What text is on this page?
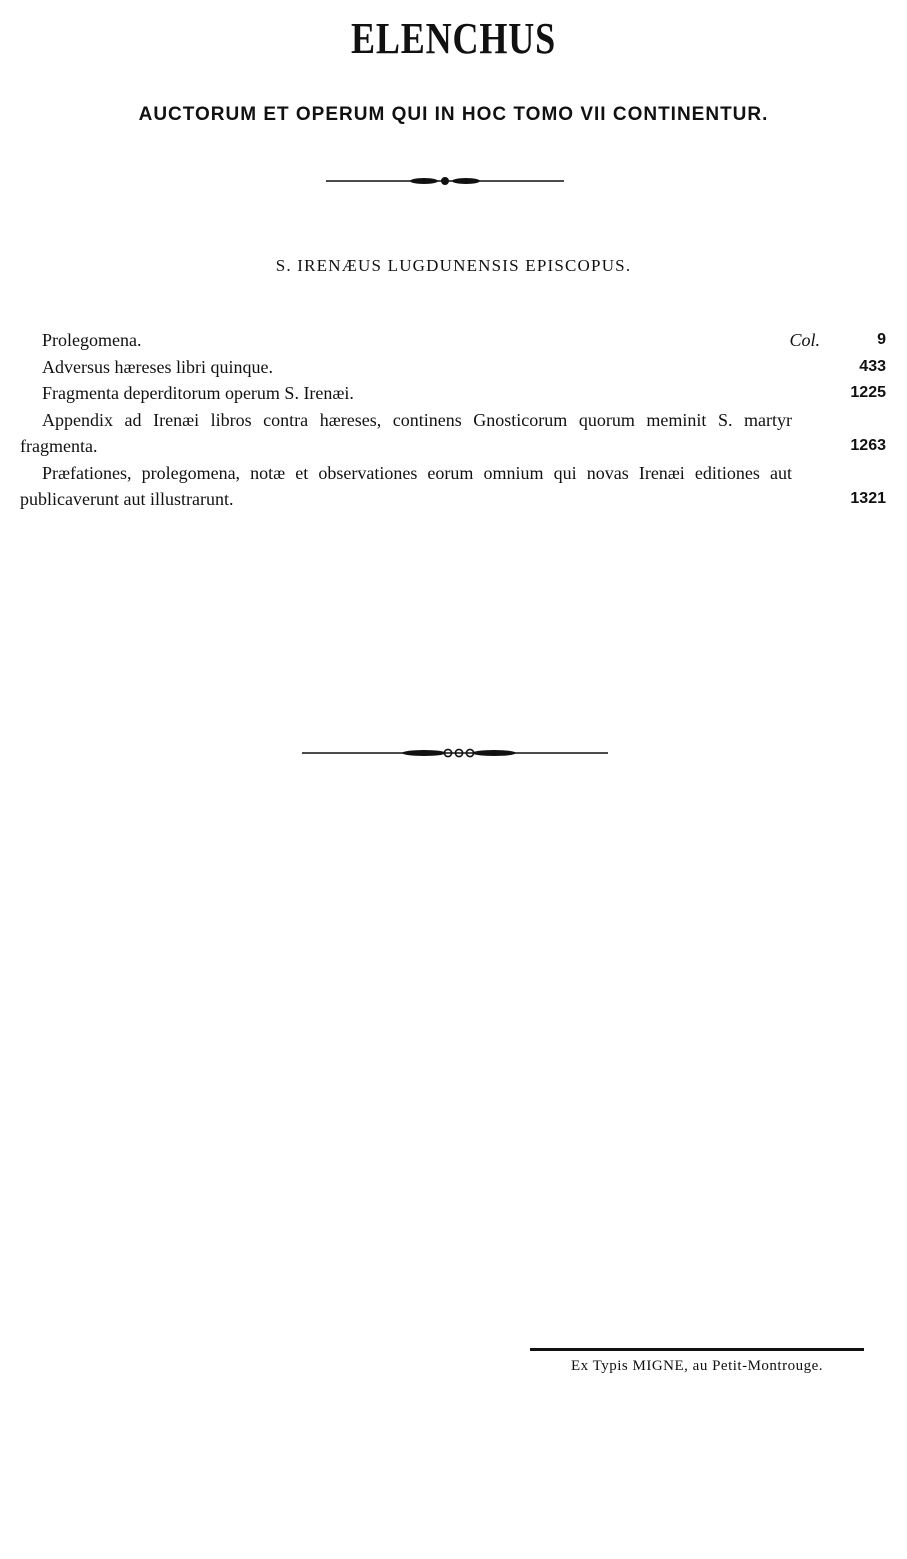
ELENCHUS
AUCTORUM ET OPERUM QUI IN HOC TOMO VII CONTINENTUR.
S. IRENÆUS LUGDUNENSIS EPISCOPUS.
Prolegomena.	Col.	9
Adversus hæreses libri quinque.	433
Fragmenta deperditorum operum S. Irenæi.	1225
Appendix ad Irenæi libros contra hæreses, continens Gnosticorum quorum meminit S. martyr fragmenta.	1263
Præfationes, prolegomena, notæ et observationes eorum omnium qui novas Irenæi editiones aut publicaverunt aut illustrarunt.	1321
Ex Typis MIGNE, au Petit-Montrouge.
